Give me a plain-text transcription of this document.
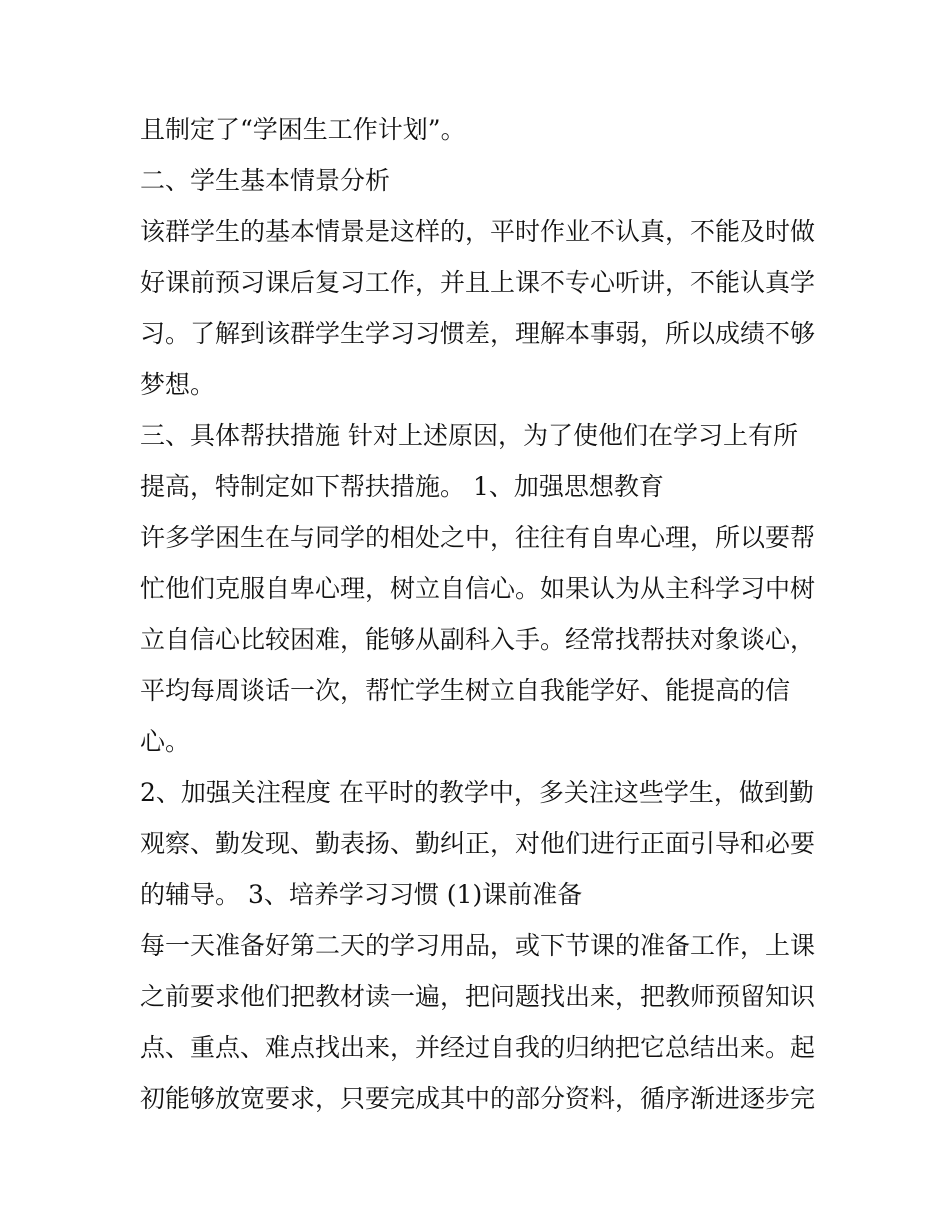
且制定了“学困生工作计划”。
二、学生基本情景分析
该群学生的基本情景是这样的，平时作业不认真，不能及时做
好课前预习课后复习工作，并且上课不专心听讲，不能认真学
习。了解到该群学生学习习惯差，理解本事弱，所以成绩不够
梦想。
三、具体帮扶措施 针对上述原因，为了使他们在学习上有所
提高，特制定如下帮扶措施。 1、加强思想教育
许多学困生在与同学的相处之中，往往有自卑心理，所以要帮
忙他们克服自卑心理，树立自信心。如果认为从主科学习中树
立自信心比较困难，能够从副科入手。经常找帮扶对象谈心，
平均每周谈话一次，帮忙学生树立自我能学好、能提高的信
心。
2、加强关注程度 在平时的教学中，多关注这些学生，做到勤
观察、勤发现、勤表扬、勤纠正，对他们进行正面引导和必要
的辅导。 3、培养学习习惯 (1)课前准备
每一天准备好第二天的学习用品，或下节课的准备工作，上课
之前要求他们把教材读一遍，把问题找出来，把教师预留知识
点、重点、难点找出来，并经过自我的归纳把它总结出来。起
初能够放宽要求，只要完成其中的部分资料，循序渐进逐步完
